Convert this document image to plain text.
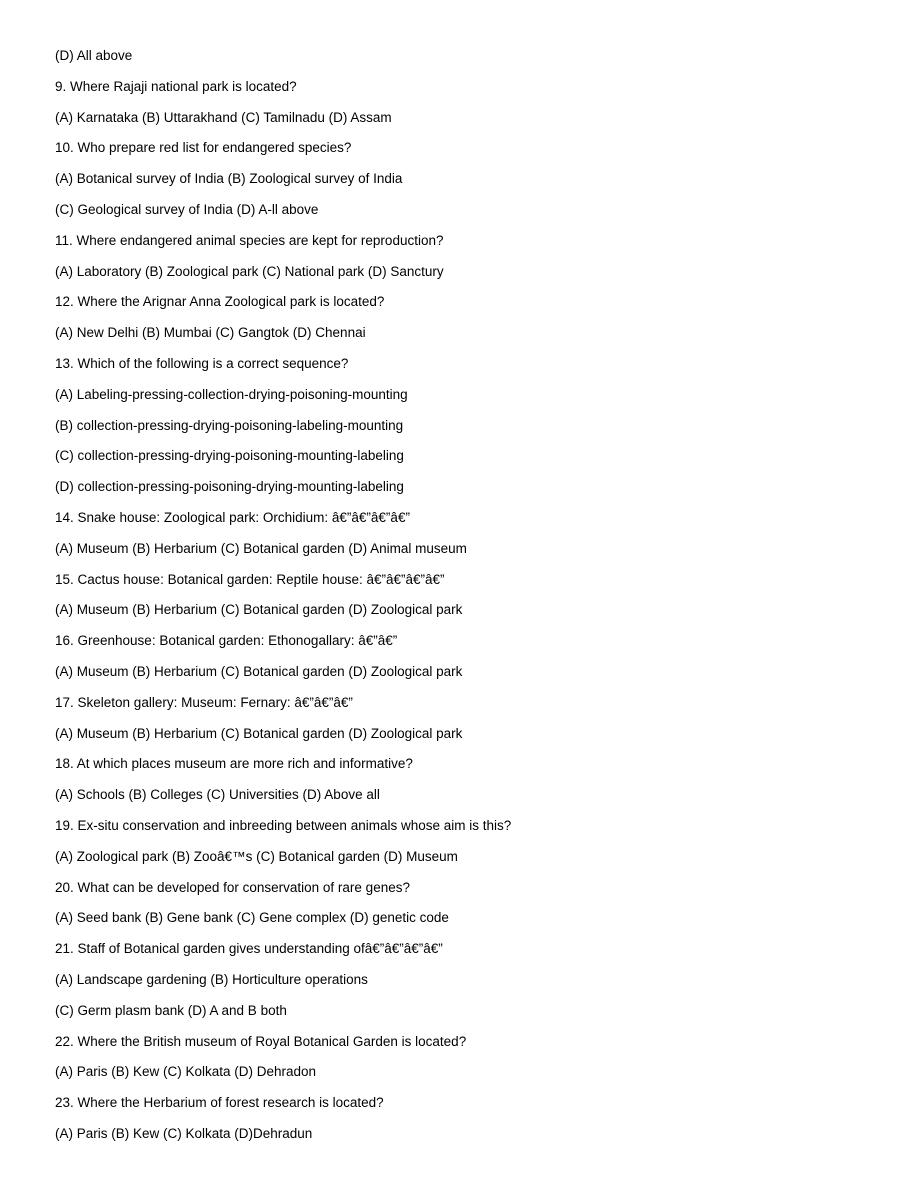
(D) All above
9. Where Rajaji national park is located?
(A) Karnataka (B) Uttarakhand (C) Tamilnadu (D) Assam
10. Who prepare red list for endangered species?
(A) Botanical survey of India (B) Zoological survey of India
(C) Geological survey of India (D) A-ll above
11. Where endangered animal species are kept for reproduction?
(A) Laboratory (B) Zoological park (C) National park (D) Sanctury
12. Where the Arignar Anna Zoological park is located?
(A) New Delhi (B) Mumbai (C) Gangtok (D) Chennai
13. Which of the following is a correct sequence?
(A) Labeling-pressing-collection-drying-poisoning-mounting
(B) collection-pressing-drying-poisoning-labeling-mounting
(C) collection-pressing-drying-poisoning-mounting-labeling
(D) collection-pressing-poisoning-drying-mounting-labeling
14. Snake house: Zoological park: Orchidium: â€”â€”â€”â€”
(A) Museum (B) Herbarium (C) Botanical garden (D) Animal museum
15. Cactus house: Botanical garden: Reptile house: â€”â€”â€”â€”
(A) Museum (B) Herbarium (C) Botanical garden (D) Zoological park
16. Greenhouse: Botanical garden: Ethonogallary: â€”â€”
(A) Museum (B) Herbarium (C) Botanical garden (D) Zoological park
17. Skeleton gallery: Museum: Fernary: â€”â€”â€”
(A) Museum (B) Herbarium (C) Botanical garden (D) Zoological park
18. At which places museum are more rich and informative?
(A) Schools (B) Colleges (C) Universities (D) Above all
19. Ex-situ conservation and inbreeding between animals whose aim is this?
(A) Zoological park (B) Zooâ€™s (C) Botanical garden (D) Museum
20. What can be developed for conservation of rare genes?
(A) Seed bank (B) Gene bank (C) Gene complex (D) genetic code
21. Staff of Botanical garden gives understanding ofâ€”â€”â€”â€”
(A) Landscape gardening (B) Horticulture operations
(C) Germ plasm bank (D) A and B both
22. Where the British museum of Royal Botanical Garden is located?
(A) Paris (B) Kew (C) Kolkata (D) Dehradon
23. Where the Herbarium of forest research is located?
(A) Paris (B) Kew (C) Kolkata (D)Dehradun
